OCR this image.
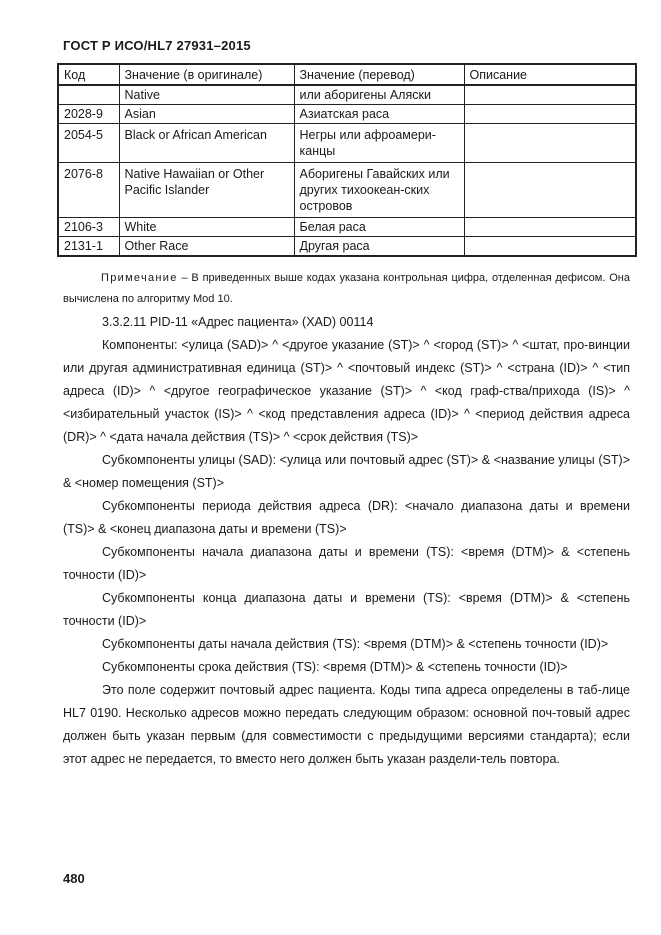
ГОСТ Р ИСО/HL7 27931–2015
Код	Значение (в оригинале)	Значение (перевод)	Описание
	Native	или аборигены Аляски	
2028-9	Asian	Азиатская раса	
2054-5	Black or African American	Негры или афроамери-канцы	
2076-8	Native Hawaiian or Other Pacific Islander	Аборигены Гавайских или других тихоокеан-ских островов	
2106-3	White	Белая раса	
2131-1	Other Race	Другая раса	

Примечание – В приведенных выше кодах указана контрольная цифра, отделенная дефисом. Она вычислена по алгоритму Mod 10.

3.3.2.11 PID-11 «Адрес пациента» (XAD) 00114

Компоненты: <улица (SAD)> ^ <другое указание (ST)> ^ <город (ST)> ^ <штат, про-винции или другая административная единица (ST)> ^ <почтовый индекс (ST)> ^ <страна (ID)> ^ <тип адреса (ID)> ^ <другое географическое указание (ST)> ^ <код граф-ства/прихода (IS)> ^ <избирательный участок (IS)> ^ <код представления адреса (ID)> ^ <период действия адреса (DR)> ^ <дата начала действия (TS)> ^ <срок действия (TS)>

Субкомпоненты улицы (SAD): <улица или почтовый адрес (ST)> & <название улицы (ST)> & <номер помещения (ST)>

Субкомпоненты периода действия адреса (DR): <начало диапазона даты и времени (TS)> & <конец диапазона даты и времени (TS)>

Субкомпоненты начала диапазона даты и времени (TS): <время (DTM)> & <степень точности (ID)>

Субкомпоненты конца диапазона даты и времени (TS): <время (DTM)> & <степень точности (ID)>

Субкомпоненты даты начала действия (TS): <время (DTM)> & <степень точности (ID)>

Субкомпоненты срока действия (TS): <время (DTM)> & <степень точности (ID)>

Это поле содержит почтовый адрес пациента. Коды типа адреса определены в таб-лице HL7 0190. Несколько адресов можно передать следующим образом: основной поч-товый адрес должен быть указан первым (для совместимости с предыдущими версиями стандарта); если этот адрес не передается, то вместо него должен быть указан раздели-тель повтора.

480
